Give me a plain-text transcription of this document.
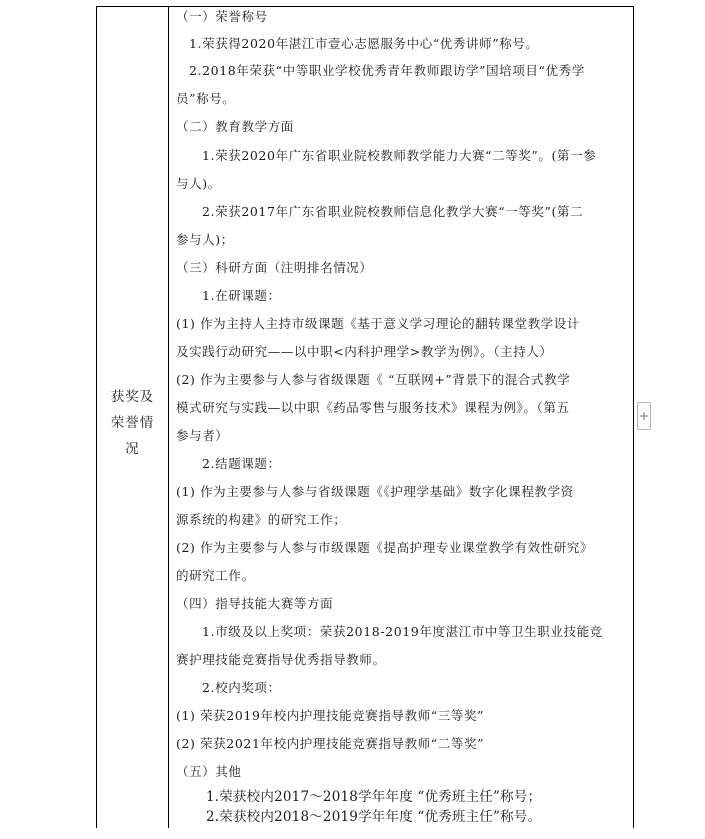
获奖及
荣誉情
况
（一）荣誉称号
1.荣获得2020年湛江市壹心志愿服务中心“优秀讲师”称号。
2.2018年荣获“中等职业学校优秀青年教师跟访学”国培项目“优秀学
员”称号。
（二）教育教学方面
1.荣获2020年广东省职业院校教师教学能力大赛“二等奖”。(第一参
与人)。
2.荣获2017年广东省职业院校教师信息化教学大赛“一等奖”(第二
参与人)；
（三）科研方面（注明排名情况）
1.在研课题：
(1) 作为主持人主持市级课题《基于意义学习理论的翻转课堂教学设计
及实践行动研究——以中职<内科护理学>教学为例》。（主持人）
(2) 作为主要参与人参与省级课题《 “互联网+”背景下的混合式教学
模式研究与实践—以中职《药品零售与服务技术》课程为例》。（第五
参与者）
2.结题课题：
(1) 作为主要参与人参与省级课题《《护理学基础》数字化课程教学资
源系统的构建》的研究工作；
(2) 作为主要参与人参与市级课题《提高护理专业课堂教学有效性研究》
的研究工作。
（四）指导技能大赛等方面
1.市级及以上奖项：荣获2018-2019年度湛江市中等卫生职业技能竞
赛护理技能竞赛指导优秀指导教师。
2.校内奖项：
(1) 荣获2019年校内护理技能竞赛指导教师“三等奖”
(2) 荣获2021年校内护理技能竞赛指导教师“二等奖”
（五）其他
1.荣获校内2017～2018学年年度 “优秀班主任”称号；
2.荣获校内2018～2019学年年度 “优秀班主任”称号。
+
